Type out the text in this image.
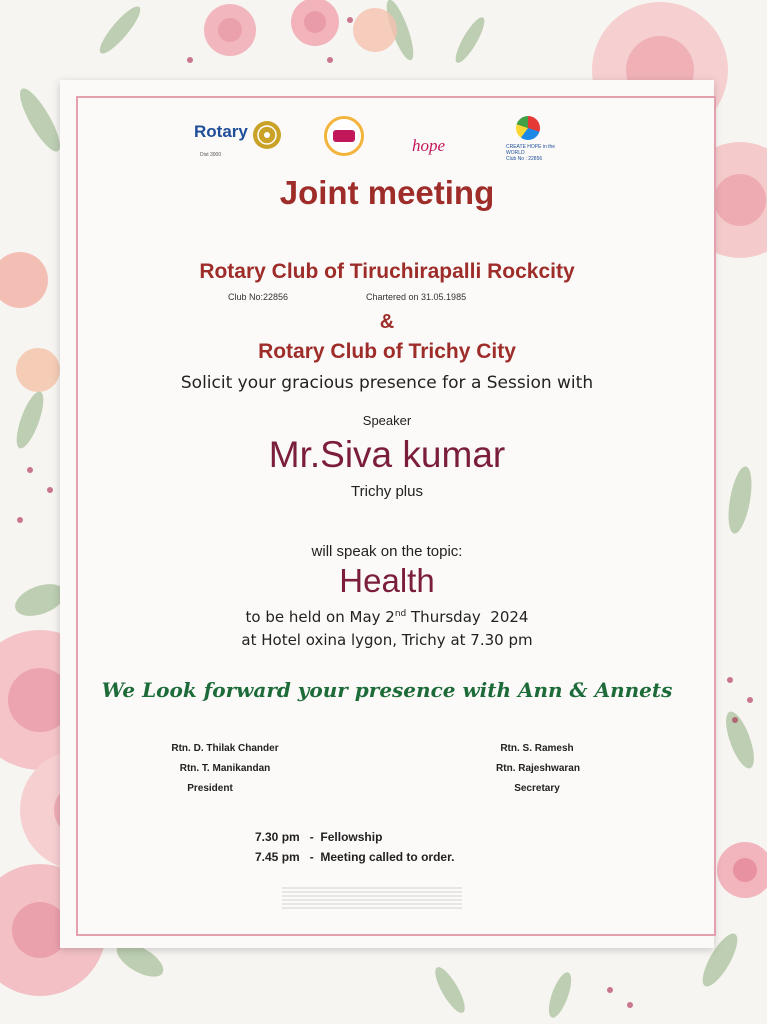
Rotary
Dist 3000	hope	CREATE HOPE in the WORLD
Club No : 22856
Joint meeting
Rotary Club of Tiruchirapalli Rockcity
Club No:22856	Chartered on 31.05.1985
&
Rotary Club of Trichy City
Solicit your gracious presence for a Session with
Speaker
Mr.Siva kumar
Trichy plus
will speak on the topic:
Health
to be held on May 2nd Thursday  2024
at Hotel oxina lygon, Trichy at 7.30 pm
We Look forward your presence with Ann & Annets
Rtn. D. Thilak Chander
Rtn. T. Manikandan
President
Rtn. S. Ramesh
Rtn. Rajeshwaran
Secretary
7.30 pm - Fellowship
7.45 pm - Meeting called to order.
